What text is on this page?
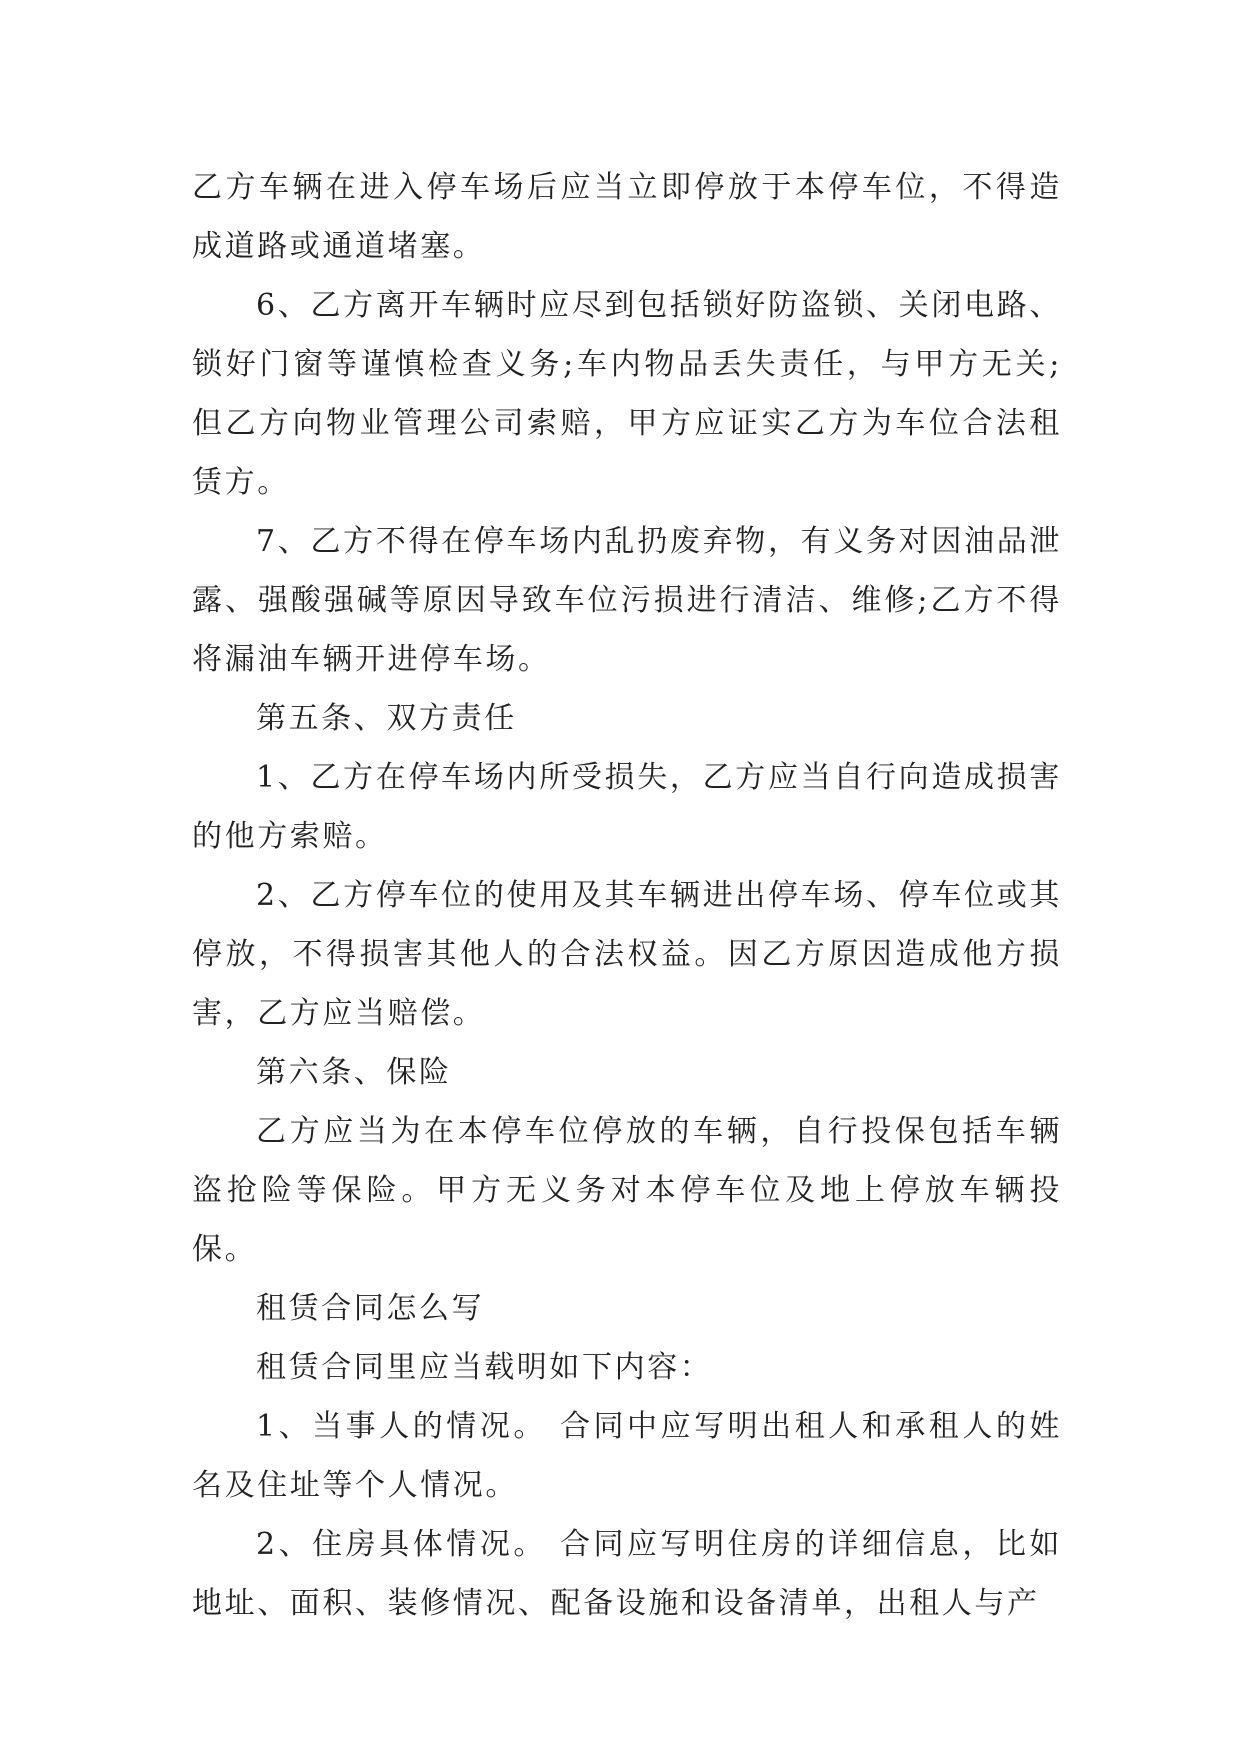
乙方车辆在进入停车场后应当立即停放于本停车位，不得造成道路或通道堵塞。

6、乙方离开车辆时应尽到包括锁好防盗锁、关闭电路、锁好门窗等谨慎检查义务;车内物品丢失责任，与甲方无关;但乙方向物业管理公司索赔，甲方应证实乙方为车位合法租赁方。

7、乙方不得在停车场内乱扔废弃物，有义务对因油品泄露、强酸强碱等原因导致车位污损进行清洁、维修;乙方不得将漏油车辆开进停车场。

第五条、双方责任

1、乙方在停车场内所受损失，乙方应当自行向造成损害的他方索赔。

2、乙方停车位的使用及其车辆进出停车场、停车位或其停放，不得损害其他人的合法权益。因乙方原因造成他方损害，乙方应当赔偿。

第六条、保险

乙方应当为在本停车位停放的车辆，自行投保包括车辆盗抢险等保险。甲方无义务对本停车位及地上停放车辆投保。

租赁合同怎么写

租赁合同里应当载明如下内容：

1、当事人的情况。 合同中应写明出租人和承租人的姓名及住址等个人情况。

2、住房具体情况。 合同应写明住房的详细信息，比如地址、面积、装修情况、配备设施和设备清单，出租人与产
